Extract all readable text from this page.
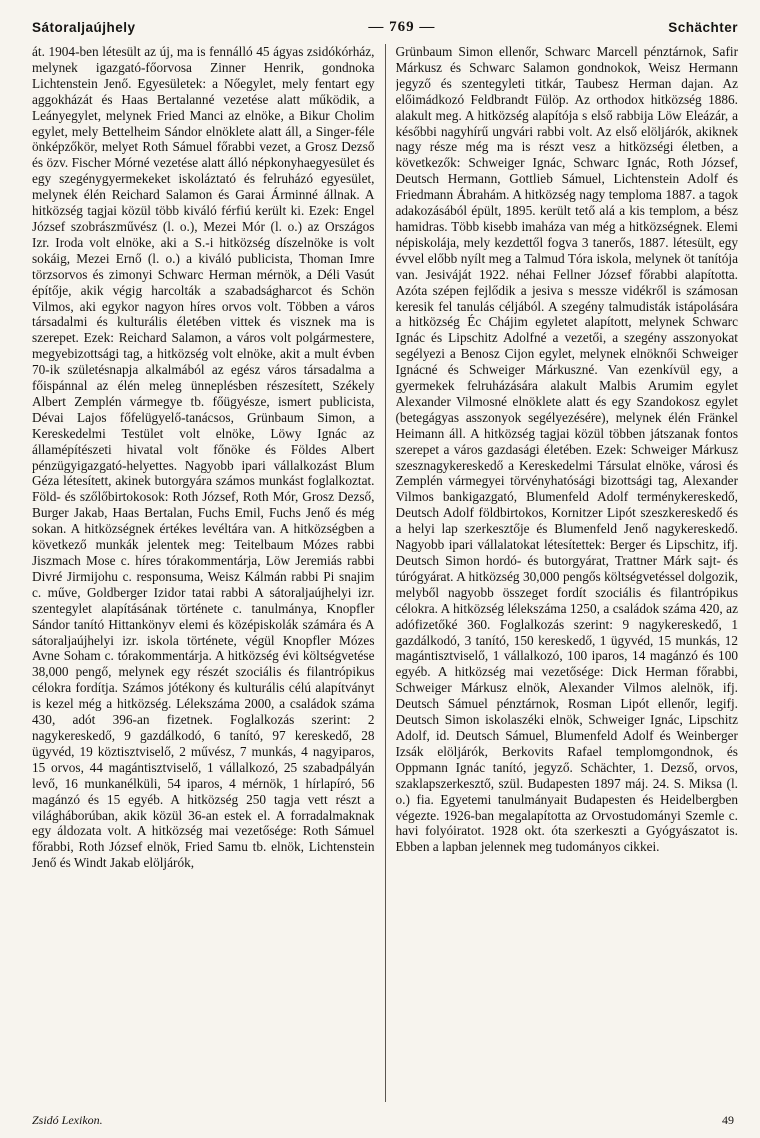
Sátoraljaújhely	— 769 —	Schächter

át. 1904-ben létesült az új, ma is fennálló 45 ágyas zsidókórház, melynek igazgató-főorvosa Zinner Henrik, gondnoka Lichtenstein Jenő. Egyesületek: a Nőegylet, mely fentart egy aggokházát és Haas Bertalanné vezetése alatt működik, a Leányegylet, melynek Fried Manci az elnöke, a Bikur Cholim egylet, mely Bettelheim Sándor elnöklete alatt áll, a Singer-féle önképzőkör, melyet Roth Sámuel főrabbi vezet, a Grosz Dezső és özv. Fischer Mórné vezetése alatt álló népkonyhaegyesület és egy szegénygyermekeket iskoláztató és felruházó egyesület, melynek élén Reichard Salamon és Garai Árminné állnak. A hitközség tagjai közül több kiváló férfiú került ki. Ezek: Engel József szobrászművész (l. o.), Mezei Mór (l. o.) az Országos Izr. Iroda volt elnöke, aki a S.-i hitközség díszelnöke is volt sokáig, Mezei Ernő (l. o.) a kiváló publicista, Thoman Imre törzsorvos és zimonyi Schwarc Herman mérnök, a Déli Vasút építője, akik végig harcolták a szabadságharcot és Schön Vilmos, aki egykor nagyon híres orvos volt. Többen a város társadalmi és kulturális életében vittek és visznek ma is szerepet. Ezek: Reichard Salamon, a város volt polgármestere, megyebizottsági tag, a hitközség volt elnöke, akit a mult évben 70-ik születésnapja alkalmából az egész város társadalma a főispánnal az élén meleg ünneplésben részesített, Székely Albert Zemplén vármegye tb. főügyésze, ismert publicista, Dévai Lajos főfelügyelő-tanácsos, Grünbaum Simon, a Kereskedelmi Testület volt elnöke, Löwy Ignác az államépítészeti hivatal volt főnöke és Földes Albert pénzügyigazgató-helyettes. Nagyobb ipari vállalkozást Blum Géza létesített, akinek butorgyára számos munkást foglalkoztat. Föld- és szőlőbirtokosok: Roth József, Roth Mór, Grosz Dezső, Burger Jakab, Haas Bertalan, Fuchs Emil, Fuchs Jenő és még sokan. A hitközségnek értékes levéltára van. A hitközségben a következő munkák jelentek meg: Teitelbaum Mózes rabbi Jiszmach Mose c. híres tórakommentárja, Löw Jeremiás rabbi Divré Jirmijohu c. responsuma, Weisz Kálmán rabbi Pi snajim c. műve, Goldberger Izidor tatai rabbi A sátoraljaújhelyi izr. szentegylet alapításának története c. tanulmánya, Knopfler Sándor tanító Hittankönyv elemi és középiskolák számára és A sátoraljaújhelyi izr. iskola története, végül Knopfler Mózes Avne Soham c. tórakommentárja. A hitközség évi költségvetése 38,000 pengő, melynek egy részét szociális és filantrópikus célokra fordítja. Számos jótékony és kulturális célú alapítványt is kezel még a hitközség. Lélekszáma 2000, a családok száma 430, adót 396-an fizetnek. Foglalkozás szerint: 2 nagykereskedő, 9 gazdálkodó, 6 tanító, 97 kereskedő, 28 ügyvéd, 19 köztisztviselő, 2 művész, 7 munkás, 4 nagyiparos, 15 orvos, 44 magántisztviselő, 1 vállalkozó, 25 szabadpályán levő, 16 munkanélküli, 54 iparos, 4 mérnök, 1 hírlapíró, 56 magánzó és 15 egyéb. A hitközség 250 tagja vett részt a világháborúban, akik közül 36-an estek el. A forradalmaknak egy áldozata volt. A hitközség mai vezetősége: Roth Sámuel főrabbi, Roth József elnök, Fried Samu tb. elnök, Lichtenstein Jenő és Windt Jakab elöljárók,

Grünbaum Simon ellenőr, Schwarc Marcell pénztárnok, Safir Márkusz és Schwarc Salamon gondnokok, Weisz Hermann jegyző és szentegyleti titkár, Taubesz Herman dajan. Az előimádkozó Feldbrandt Fülöp. Az orthodox hitközség 1886. alakult meg. A hitközség alapítója s első rabbija Löw Eleázár, a későbbi nagyhírű ungvári rabbi volt. Az első elöljárók, akiknek nagy része még ma is részt vesz a hitközségi életben, a következők: Schweiger Ignác, Schwarc Ignác, Roth József, Deutsch Hermann, Gottlieb Sámuel, Lichtenstein Adolf és Friedmann Ábrahám. A hitközség nagy temploma 1887. a tagok adakozásából épült, 1895. került tető alá a kis templom, a bész hamidras. Több kisebb imaháza van még a hitközségnek. Elemi népiskolája, mely kezdettől fogva 3 tanerős, 1887. létesült, egy évvel előbb nyílt meg a Talmud Tóra iskola, melynek öt tanítója van. Jesiváját 1922. néhai Fellner József főrabbi alapította. Azóta szépen fejlődik a jesiva s messze vidékről is számosan keresik fel tanulás céljából. A szegény talmudisták istápolására a hitközség Éc Chájim egyletet alapított, melynek Schwarc Ignác és Lipschitz Adolfné a vezetői, a szegény asszonyokat segélyezi a Benosz Cijon egylet, melynek elnöknői Schweiger Ignácné és Schweiger Márkuszné. Van ezenkívül egy, a gyermekek felruházására alakult Malbis Arumim egylet Alexander Vilmosné elnöklete alatt és egy Szandokosz egylet (betegágyas asszonyok segélyezésére), melynek élén Fränkel Heimann áll. A hitközség tagjai közül többen játszanak fontos szerepet a város gazdasági életében. Ezek: Schweiger Márkusz szesznagykereskedő a Kereskedelmi Társulat elnöke, városi és Zemplén vármegyei törvényhatósági bizottsági tag, Alexander Vilmos bankigazgató, Blumenfeld Adolf terménykereskedő, Deutsch Adolf földbirtokos, Kornitzer Lipót szeszkereskedő és a helyi lap szerkesztője és Blumenfeld Jenő nagykereskedő. Nagyobb ipari vállalatokat létesítettek: Berger és Lipschitz, ifj. Deutsch Simon hordó- és butorgyárat, Trattner Márk sajt- és túrógyárat. A hitközség 30,000 pengős költségvetéssel dolgozik, melyből nagyobb összeget fordít szociális és filantrópikus célokra. A hitközség lélekszáma 1250, a családok száma 420, az adófizetőké 360. Foglalkozás szerint: 9 nagykereskedő, 1 gazdálkodó, 3 tanító, 150 kereskedő, 1 ügyvéd, 15 munkás, 12 magántisztviselő, 1 vállalkozó, 100 iparos, 14 magánzó és 100 egyéb. A hitközség mai vezetősége: Dick Herman főrabbi, Schweiger Márkusz elnök, Alexander Vilmos alelnök, ifj. Deutsch Sámuel pénztárnok, Rosman Lipót ellenőr, legifj. Deutsch Simon iskolaszéki elnök, Schweiger Ignác, Lipschitz Adolf, id. Deutsch Sámuel, Blumenfeld Adolf és Weinberger Izsák elöljárók, Berkovits Rafael templomgondnok, és Oppmann Ignác tanító, jegyző. Schächter, 1. Dezső, orvos, szaklapszerkesztő, szül. Budapesten 1897 máj. 24. S. Miksa (l. o.) fia. Egyetemi tanulmányait Budapesten és Heidelbergben végezte. 1926-ban megalapította az Orvostudományi Szemle c. havi folyóiratot. 1928 okt. óta szerkeszti a Gyógyászatot is. Ebben a lapban jelennek meg tudományos cikkei.

Zsidó Lexikon.	49
